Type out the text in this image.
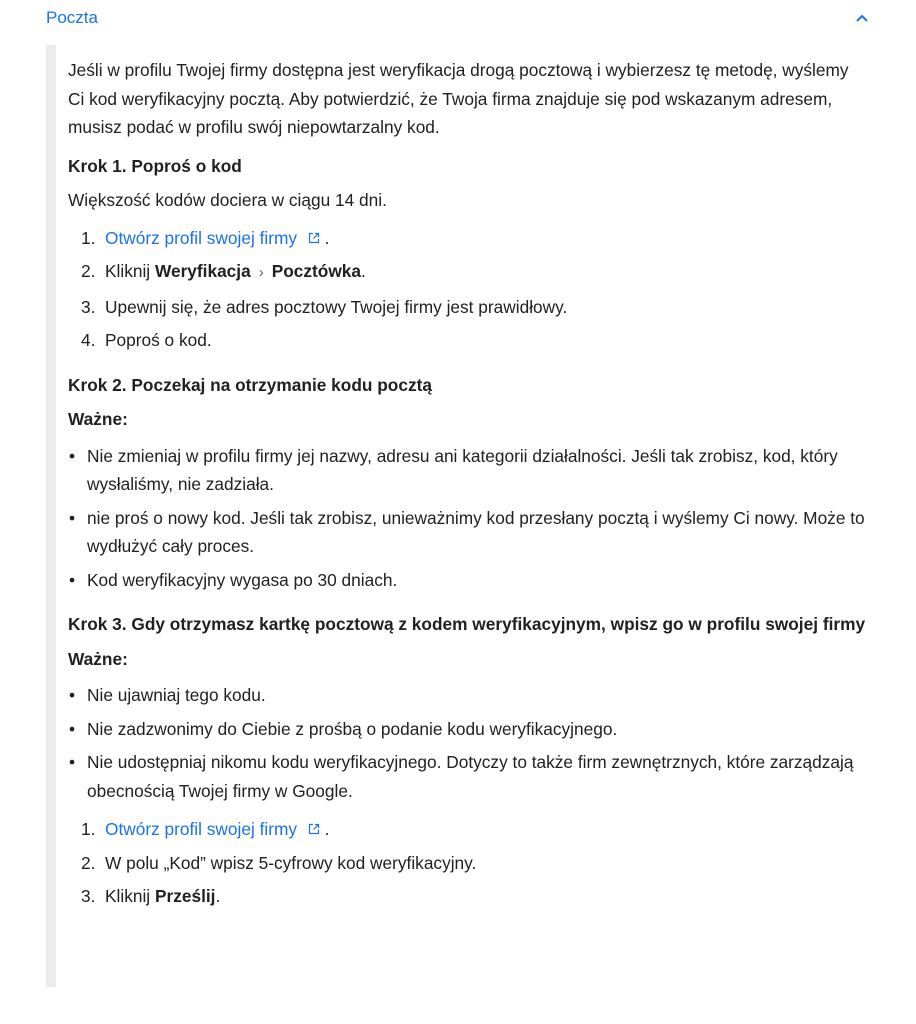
Poczta

Jeśli w profilu Twojej firmy dostępna jest weryfikacja drogą pocztową i wybierzesz tę metodę, wyślemy Ci kod weryfikacyjny pocztą. Aby potwierdzić, że Twoja firma znajduje się pod wskazanym adresem, musisz podać w profilu swój niepowtarzalny kod.

Krok 1. Poproś o kod

Większość kodów dociera w ciągu 14 dni.

1. Otwórz profil swojej firmy .
2. Kliknij Weryfikacja › Pocztówka.
3. Upewnij się, że adres pocztowy Twojej firmy jest prawidłowy.
4. Poproś o kod.
Krok 2. Poczekaj na otrzymanie kodu pocztą

Ważne:

• Nie zmieniaj w profilu firmy jej nazwy, adresu ani kategorii działalności. Jeśli tak zrobisz, kod, który wysłaliśmy, nie zadziała.
• nie proś o nowy kod. Jeśli tak zrobisz, unieważnimy kod przesłany pocztą i wyślemy Ci nowy. Może to wydłużyć cały proces.
• Kod weryfikacyjny wygasa po 30 dniach.
Krok 3. Gdy otrzymasz kartkę pocztową z kodem weryfikacyjnym, wpisz go w profilu swojej firmy

Ważne:

• Nie ujawniaj tego kodu.
• Nie zadzwonimy do Ciebie z prośbą o podanie kodu weryfikacyjnego.
• Nie udostępniaj nikomu kodu weryfikacyjnego. Dotyczy to także firm zewnętrznych, które zarządzają obecnością Twojej firmy w Google.
1. Otwórz profil swojej firmy .
2. W polu „Kod” wpisz 5-cyfrowy kod weryfikacyjny.
3. Kliknij Prześlij.
